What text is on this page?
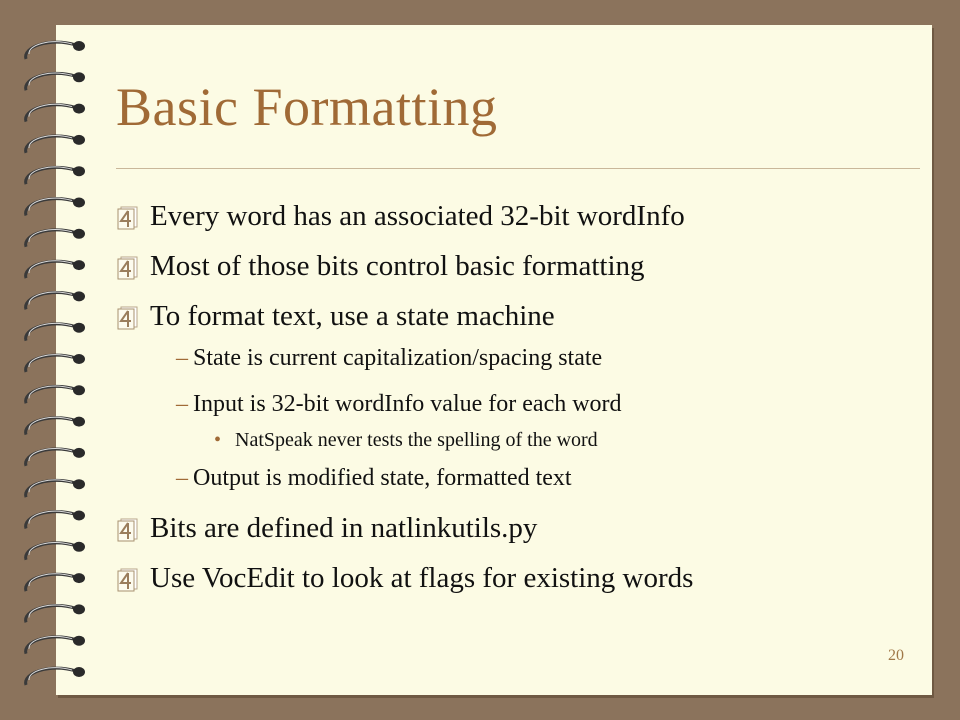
Basic Formatting
Every word has an associated 32-bit wordInfo
Most of those bits control basic formatting
To format text, use a state machine
– State is current capitalization/spacing state
– Input is 32-bit wordInfo value for each word
• NatSpeak never tests the spelling of the word
– Output is modified state, formatted text
Bits are defined in natlinkutils.py
Use VocEdit to look at flags for existing words
20
